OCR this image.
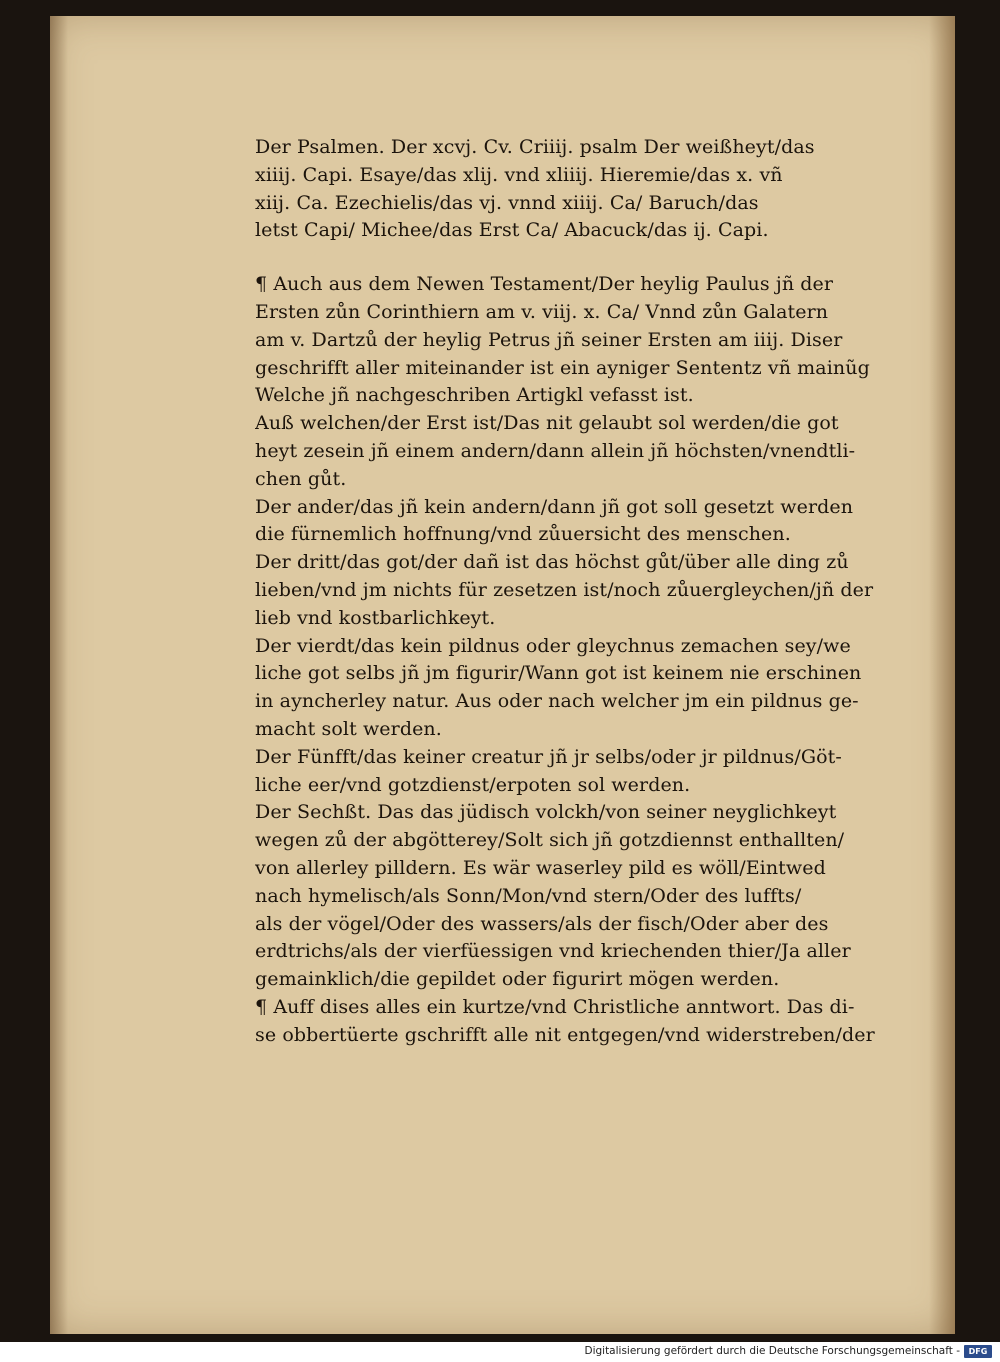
Der Psalmen. Der xcvj. Cv. Criiij. psalm Der weißheyt/das
xiiij. Capi. Esaye/das xlij. vnd xliiij. Hieremie/das x. vñ
xiij. Ca. Ezechielis/das vj. vnnd xiiij. Ca/ Baruch/das
letst Capi/ Michee/das Erst Ca/ Abacuck/das ij. Capi.

¶ Auch aus dem Newen Testament/Der heylig Paulus jñ der
Ersten zůn Corinthiern am v. viij. x. Ca/ Vnnd zůn Galatern
am v. Dartzů der heylig Petrus jñ seiner Ersten am iiij. Diser
geschrifft aller miteinander ist ein ayniger Sententz vñ mainũg
Welche jñ nachgeschriben Artigkl vefasst ist.

Auß welchen/der Erst ist/Das nit gelaubt sol werden/die got
heyt zesein jñ einem andern/dann allein jñ höchsten/vnendtli-
chen gůt.

Der ander/das jñ kein andern/dann jñ got soll gesetzt werden
die fürnemlich hoffnung/vnd zůuersicht des menschen.

Der dritt/das got/der dañ ist das höchst gůt/über alle ding zů
lieben/vnd jm nichts für zesetzen ist/noch zůuergleychen/jñ der
lieb vnd kostbarlichkeyt.

Der vierdt/das kein pildnus oder gleychnus zemachen sey/we
liche got selbs jñ jm figurir/Wann got ist keinem nie erschinen
in ayncherley natur. Aus oder nach welcher jm ein pildnus ge-
macht solt werden.

Der Fünfft/das keiner creatur jñ jr selbs/oder jr pildnus/Göt-
liche eer/vnd gotzdienst/erpoten sol werden.

Der Sechßt. Das das jüdisch volckh/von seiner neyglichkeyt
wegen zů der abgötterey/Solt sich jñ gotzdiennst enthallten/
von allerley pilldern. Es wär waserley pild es wöll/Eintwed
nach hymelisch/als Sonn/Mon/vnd stern/Oder des luffts/
als der vögel/Oder des wassers/als der fisch/Oder aber des
erdtrichs/als der vierfüessigen vnd kriechenden thier/Ja aller
gemainklich/die gepildet oder figurirt mögen werden.

¶ Auff dises alles ein kurtze/vnd Christliche anntwort. Das di-
se obbertüerte gschrifft alle nit entgegen/vnd widerstreben/der

Digitalisierung gefördert durch die Deutsche Forschungsgemeinschaft -	DFG
